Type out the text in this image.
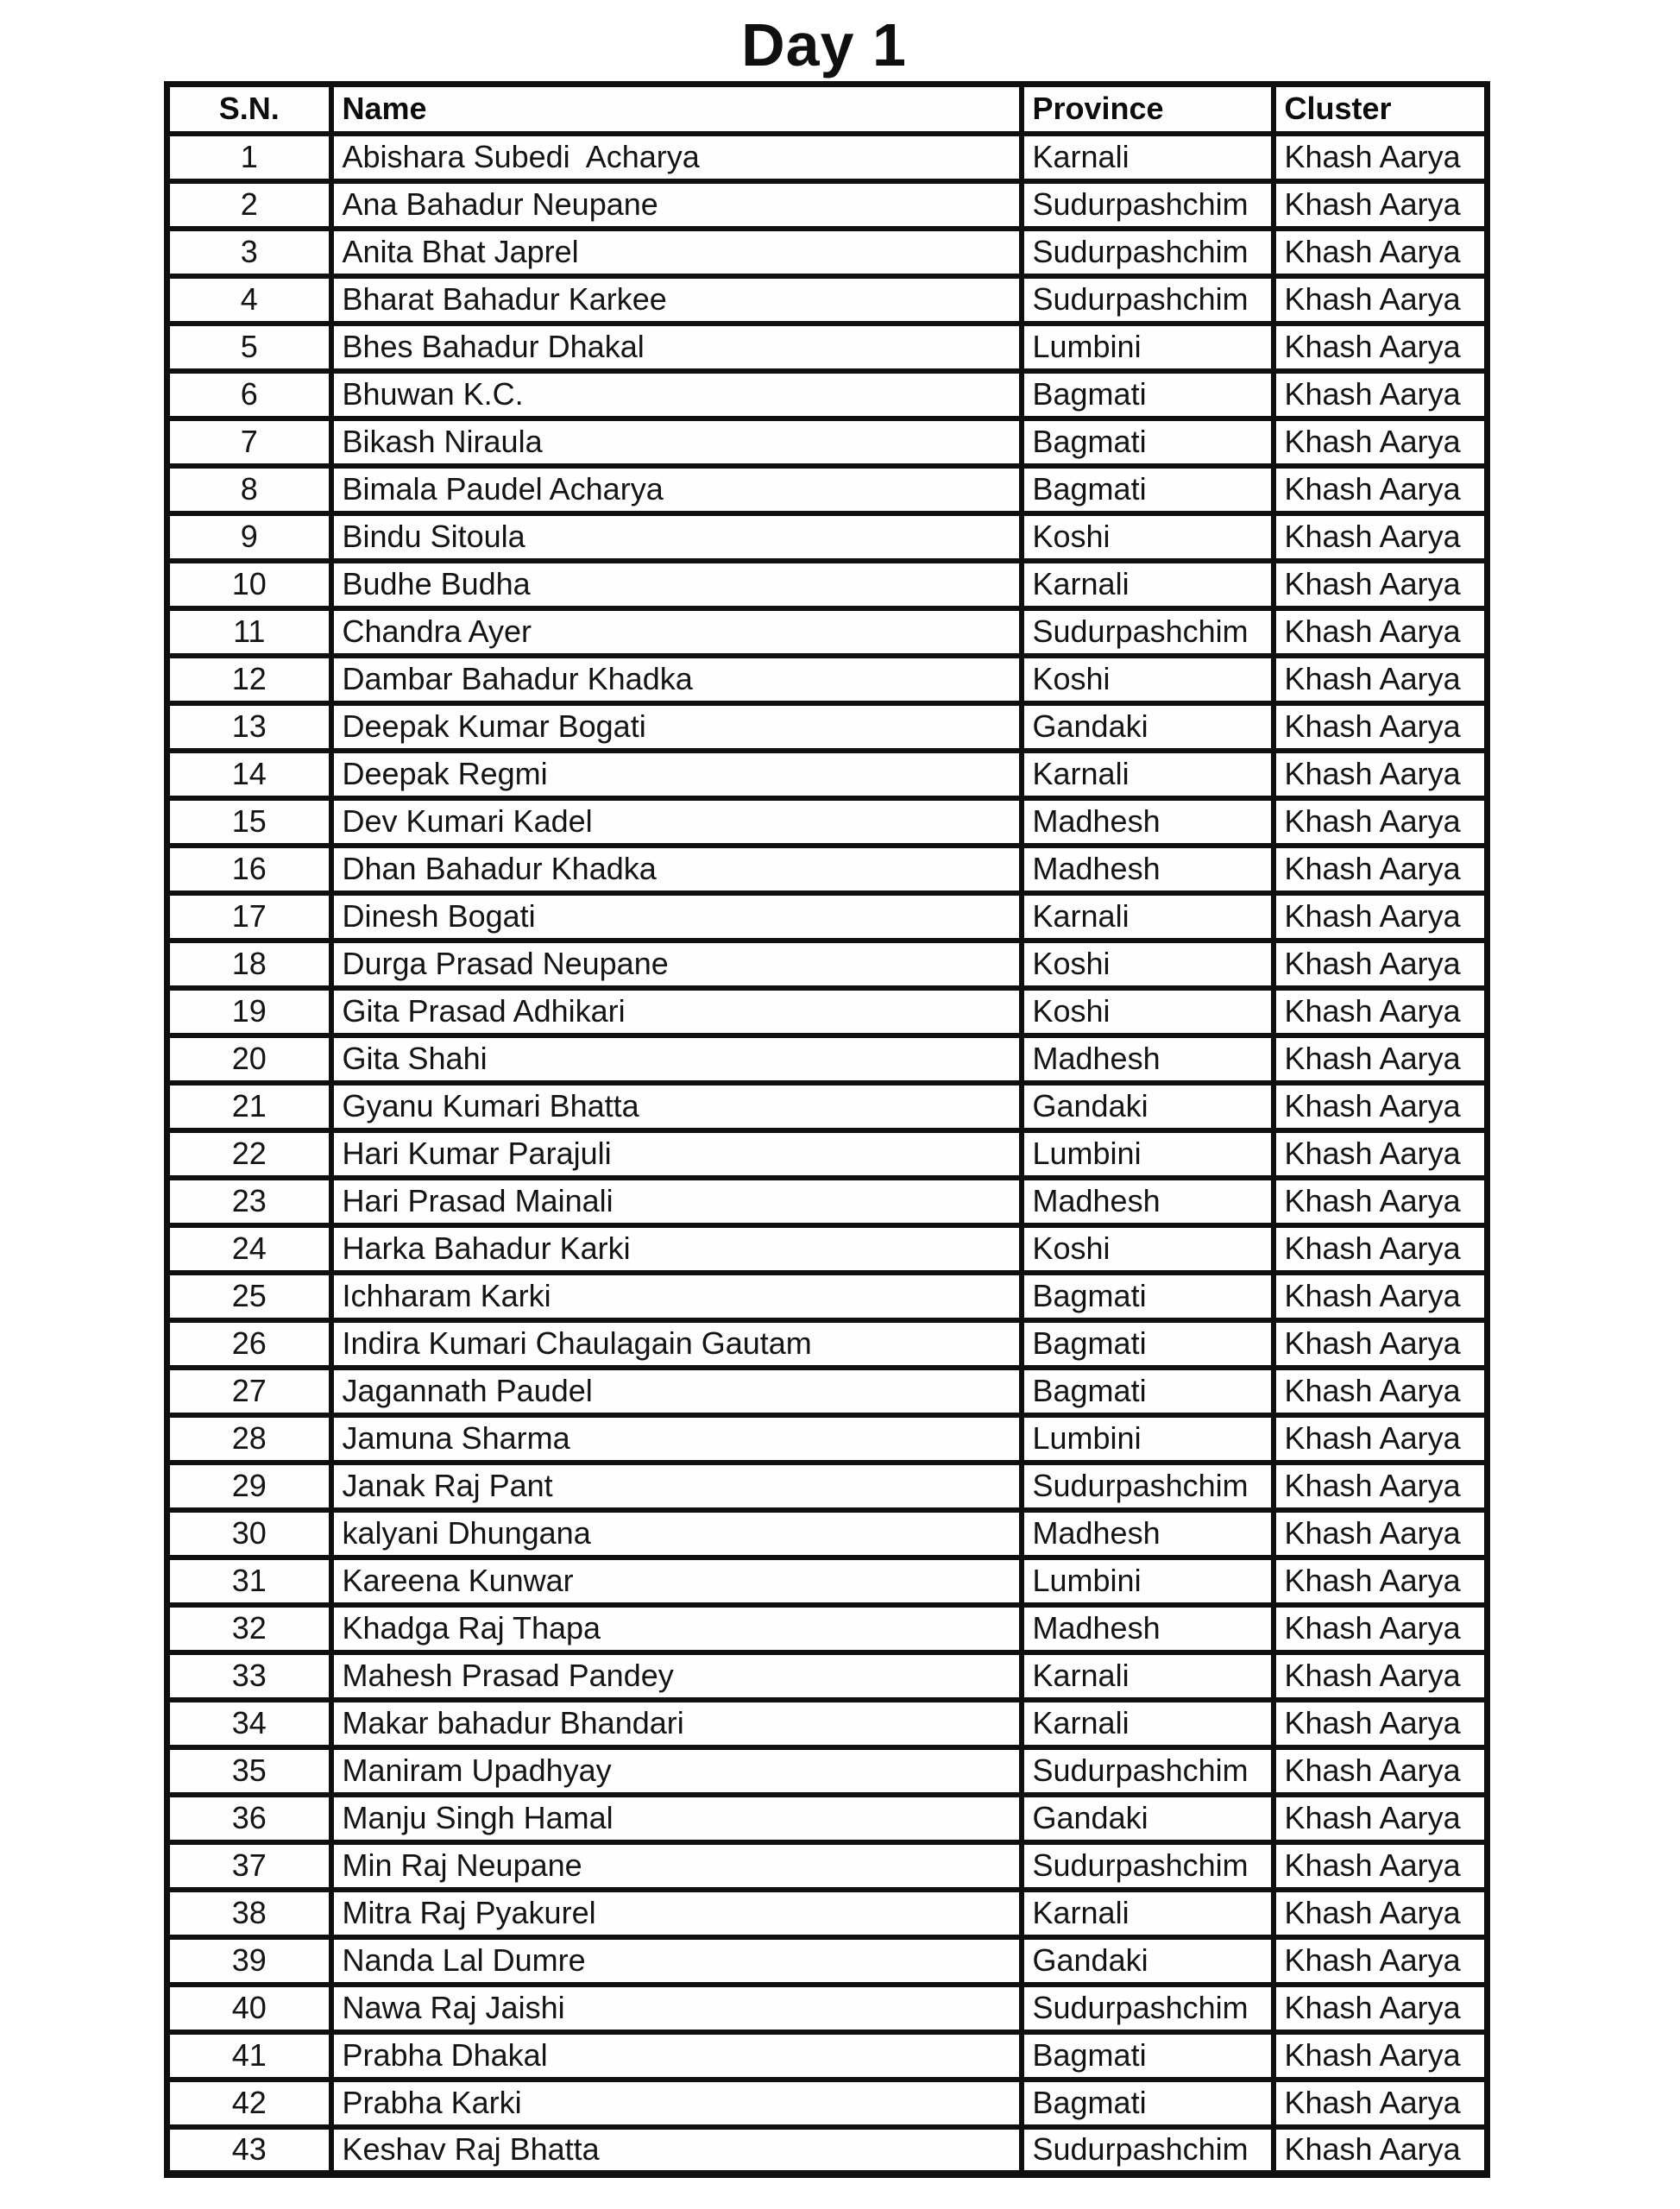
Day 1
S.N.	Name	Province	Cluster
1	Abishara Subedi  Acharya	Karnali	Khash Aarya
2	Ana Bahadur Neupane	Sudurpashchim	Khash Aarya
3	Anita Bhat Japrel	Sudurpashchim	Khash Aarya
4	Bharat Bahadur Karkee	Sudurpashchim	Khash Aarya
5	Bhes Bahadur Dhakal	Lumbini	Khash Aarya
6	Bhuwan K.C.	Bagmati	Khash Aarya
7	Bikash Niraula	Bagmati	Khash Aarya
8	Bimala Paudel Acharya	Bagmati	Khash Aarya
9	Bindu Sitoula	Koshi	Khash Aarya
10	Budhe Budha	Karnali	Khash Aarya
11	Chandra Ayer	Sudurpashchim	Khash Aarya
12	Dambar Bahadur Khadka	Koshi	Khash Aarya
13	Deepak Kumar Bogati	Gandaki	Khash Aarya
14	Deepak Regmi	Karnali	Khash Aarya
15	Dev Kumari Kadel	Madhesh	Khash Aarya
16	Dhan Bahadur Khadka	Madhesh	Khash Aarya
17	Dinesh Bogati	Karnali	Khash Aarya
18	Durga Prasad Neupane	Koshi	Khash Aarya
19	Gita Prasad Adhikari	Koshi	Khash Aarya
20	Gita Shahi	Madhesh	Khash Aarya
21	Gyanu Kumari Bhatta	Gandaki	Khash Aarya
22	Hari Kumar Parajuli	Lumbini	Khash Aarya
23	Hari Prasad Mainali	Madhesh	Khash Aarya
24	Harka Bahadur Karki	Koshi	Khash Aarya
25	Ichharam Karki	Bagmati	Khash Aarya
26	Indira Kumari Chaulagain Gautam	Bagmati	Khash Aarya
27	Jagannath Paudel	Bagmati	Khash Aarya
28	Jamuna Sharma	Lumbini	Khash Aarya
29	Janak Raj Pant	Sudurpashchim	Khash Aarya
30	kalyani Dhungana	Madhesh	Khash Aarya
31	Kareena Kunwar	Lumbini	Khash Aarya
32	Khadga Raj Thapa	Madhesh	Khash Aarya
33	Mahesh Prasad Pandey	Karnali	Khash Aarya
34	Makar bahadur Bhandari	Karnali	Khash Aarya
35	Maniram Upadhyay	Sudurpashchim	Khash Aarya
36	Manju Singh Hamal	Gandaki	Khash Aarya
37	Min Raj Neupane	Sudurpashchim	Khash Aarya
38	Mitra Raj Pyakurel	Karnali	Khash Aarya
39	Nanda Lal Dumre	Gandaki	Khash Aarya
40	Nawa Raj Jaishi	Sudurpashchim	Khash Aarya
41	Prabha Dhakal	Bagmati	Khash Aarya
42	Prabha Karki	Bagmati	Khash Aarya
43	Keshav Raj Bhatta	Sudurpashchim	Khash Aarya
